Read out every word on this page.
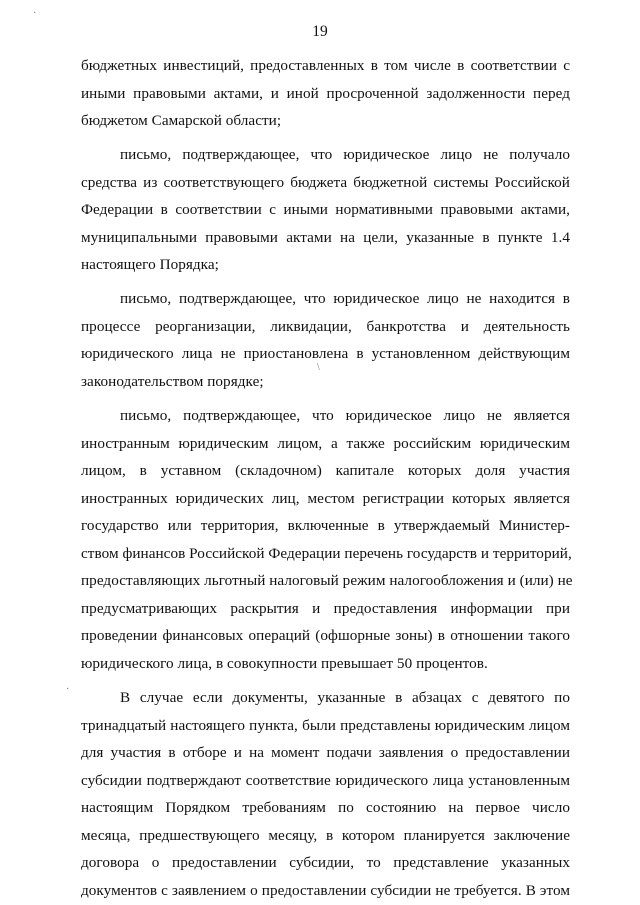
19
бюджетных инвестиций, предоставленных в том числе в соответствии с
иными правовыми актами, и иной просроченной задолженности перед
бюджетом Самарской области;
письмо, подтверждающее, что юридическое лицо не получало
средства из соответствующего бюджета бюджетной системы Российской
Федерации в соответствии с иными нормативными правовыми актами,
муниципальными правовыми актами на цели, указанные в пункте 1.4
настоящего Порядка;
письмо, подтверждающее, что юридическое лицо не находится в
процессе реорганизации, ликвидации, банкротства и деятельность
юридического лица не приостановлена в установленном действующим
законодательством порядке;
письмо, подтверждающее, что юридическое лицо не является
иностранным юридическим лицом, а также российским юридическим
лицом, в уставном (складочном) капитале которых доля участия
иностранных юридических лиц, местом регистрации которых является
государство или территория, включенные в утверждаемый Министер-
ством финансов Российской Федерации перечень государств и территорий,
предоставляющих льготный налоговый режим налогообложения и (или) не
предусматривающих раскрытия и предоставления информации при
проведении финансовых операций (офшорные зоны) в отношении такого
юридического лица, в совокупности превышает 50 процентов.
В случае если документы, указанные в абзацах с девятого по
тринадцатый настоящего пункта, были представлены юридическим лицом
для участия в отборе и на момент подачи заявления о предоставлении
субсидии подтверждают соответствие юридического лица установленным
настоящим Порядком требованиям по состоянию на первое число
месяца, предшествующего месяцу, в котором планируется заключение
договора о предоставлении субсидии, то представление указанных
документов с заявлением о предоставлении субсидии не требуется. В этом
·
\
·
